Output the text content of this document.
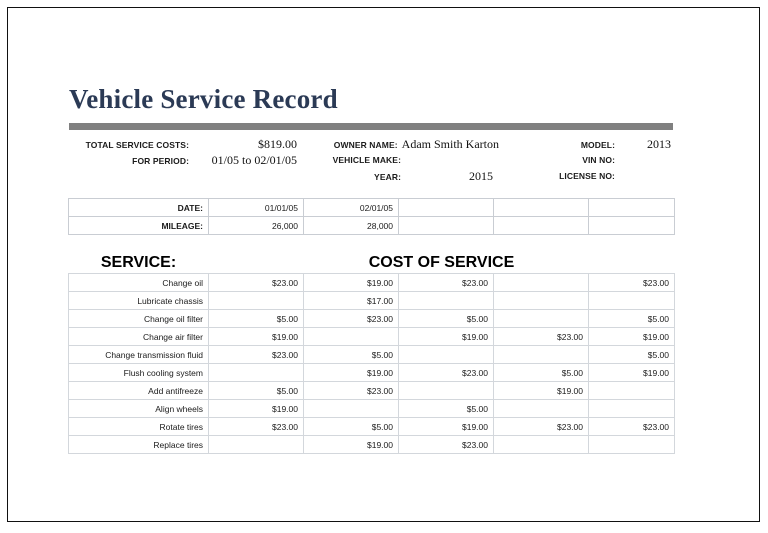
Vehicle Service Record
TOTAL SERVICE COSTS:	$819.00
FOR PERIOD:	01/05 to 02/01/05
OWNER NAME: Adam Smith Karton
VEHICLE MAKE:
YEAR:	2015
MODEL:	2013
VIN NO:
LICENSE NO:
DATE:	01/01/05	02/01/05			
MILEAGE:	26,000	28,000			
SERVICE:	COST OF SERVICE				
Change oil	$23.00	$19.00	$23.00		$23.00
Lubricate chassis		$17.00			
Change oil filter	$5.00	$23.00	$5.00		$5.00
Change air filter	$19.00		$19.00	$23.00	$19.00
Change transmission fluid	$23.00	$5.00			$5.00
Flush cooling system		$19.00	$23.00	$5.00	$19.00
Add antifreeze	$5.00	$23.00		$19.00	
Align wheels	$19.00		$5.00		
Rotate tires	$23.00	$5.00	$19.00	$23.00	$23.00
Replace tires		$19.00	$23.00		
